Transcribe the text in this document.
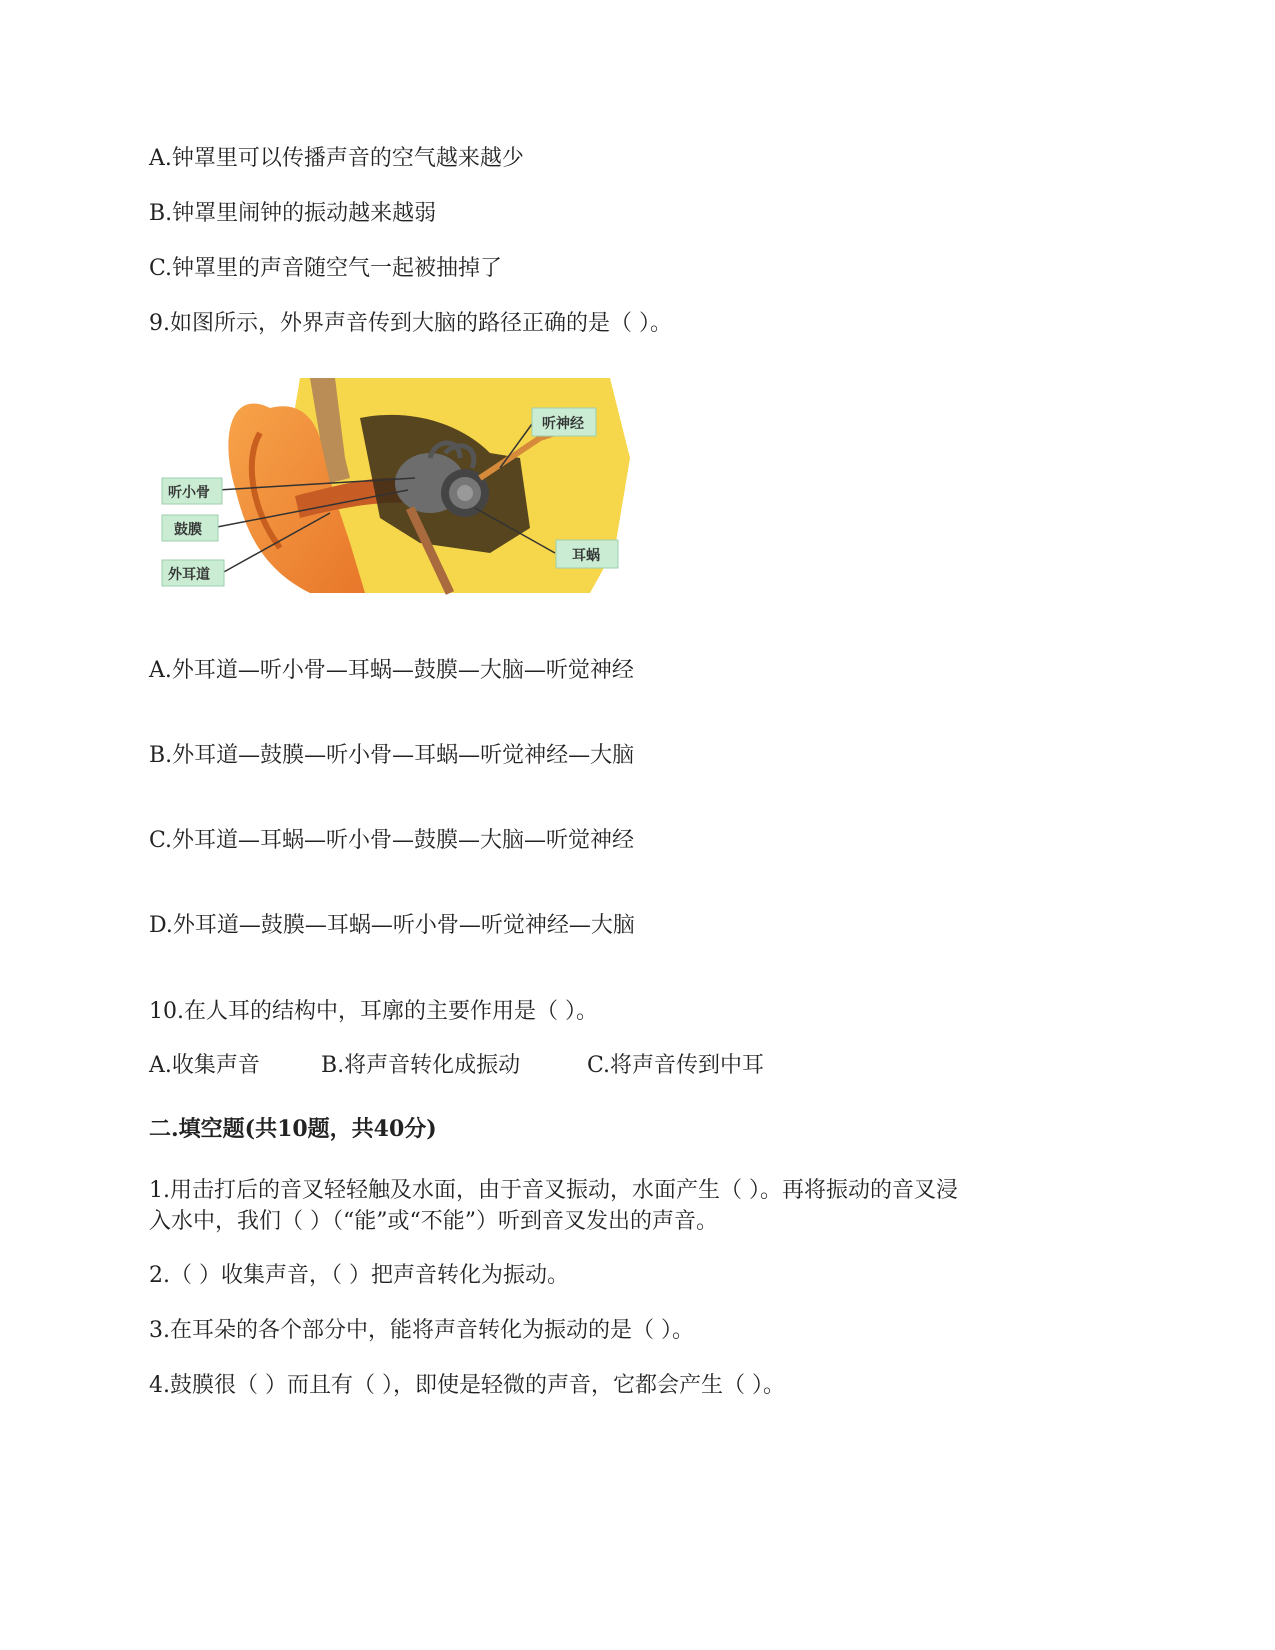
A.钟罩里可以传播声音的空气越来越少
B.钟罩里闹钟的振动越来越弱
C.钟罩里的声音随空气一起被抽掉了
9.如图所示，外界声音传到大脑的路径正确的是（ ）。
听神经
听小骨
鼓膜
外耳道
耳蜗
A.外耳道—听小骨—耳蜗—鼓膜—大脑—听觉神经
B.外耳道—鼓膜—听小骨—耳蜗—听觉神经—大脑
C.外耳道—耳蜗—听小骨—鼓膜—大脑—听觉神经
D.外耳道—鼓膜—耳蜗—听小骨—听觉神经—大脑
10.在人耳的结构中，耳廓的主要作用是（ ）。
A.收集声音	B.将声音转化成振动	C.将声音传到中耳
二.填空题(共10题，共40分)
1.用击打后的音叉轻轻触及水面，由于音叉振动，水面产生（ ）。再将振动的音叉浸
入水中，我们（ ）（“能”或“不能”）听到音叉发出的声音。
2.（ ）收集声音，（ ）把声音转化为振动。
3.在耳朵的各个部分中，能将声音转化为振动的是（ ）。
4.鼓膜很（ ）而且有（ ），即使是轻微的声音，它都会产生（ ）。
